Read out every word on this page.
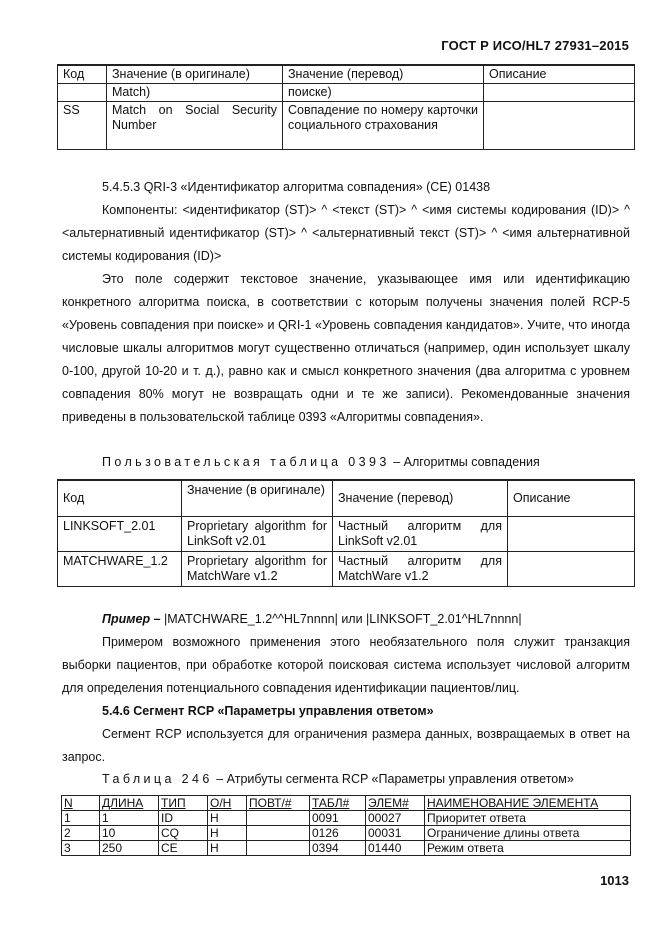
ГОСТ Р ИСО/HL7 27931–2015
Код	Значение (в оригинале)	Значение (перевод)	Описание
	Match)	поиске)	
SS	Match on Social Security Number	Совпадение по номеру карточки социального страхования	
5.4.5.3 QRI-3 «Идентификатор алгоритма совпадения» (CE) 01438
Компоненты: <идентификатор (ST)> ^ <текст (ST)> ^ <имя системы кодирования (ID)> ^ <альтернативный идентификатор (ST)> ^ <альтернативный текст (ST)> ^ <имя альтернативной системы кодирования (ID)>
Это поле содержит текстовое значение, указывающее имя или идентификацию конкретного алгоритма поиска, в соответствии с которым получены значения полей RCP-5 «Уровень совпадения при поиске» и QRI-1 «Уровень совпадения кандидатов». Учите, что иногда числовые шкалы алгоритмов могут существенно отличаться (например, один использует шкалу 0-100, другой 10-20 и т. д.), равно как и смысл конкретного значения (два алгоритма с уровнем совпадения 80% могут не возвращать одни и те же записи). Рекомендованные значения приведены в пользовательской таблице 0393 «Алгоритмы совпадения».
Пользовательская таблица 0393 – Алгоритмы совпадения
Код	Значение (в оригинале)	Значение (перевод)	Описание
LINKSOFT_2.01	Proprietary algorithm for LinkSoft v2.01	Частный алгоритм для LinkSoft v2.01	
MATCHWARE_1.2	Proprietary algorithm for MatchWare v1.2	Частный алгоритм для MatchWare v1.2	
Пример – |MATCHWARE_1.2^^HL7nnnn| или |LINKSOFT_2.01^HL7nnnn|
Примером возможного применения этого необязательного поля служит транзакция выборки пациентов, при обработке которой поисковая система использует числовой алгоритм для определения потенциального совпадения идентификации пациентов/лиц.
5.4.6 Сегмент RCP «Параметры управления ответом»
Сегмент RCP используется для ограничения размера данных, возвращаемых в ответ на запрос.
Таблица 246 – Атрибуты сегмента RCP «Параметры управления ответом»
N	ДЛИНА	ТИП	О/Н	ПОВТ/#	ТАБЛ#	ЭЛЕМ#	НАИМЕНОВАНИЕ ЭЛЕМЕНТА
1	1	ID	Н		0091	00027	Приоритет ответа
2	10	CQ	Н		0126	00031	Ограничение длины ответа
3	250	CE	Н		0394	01440	Режим ответа
1013
